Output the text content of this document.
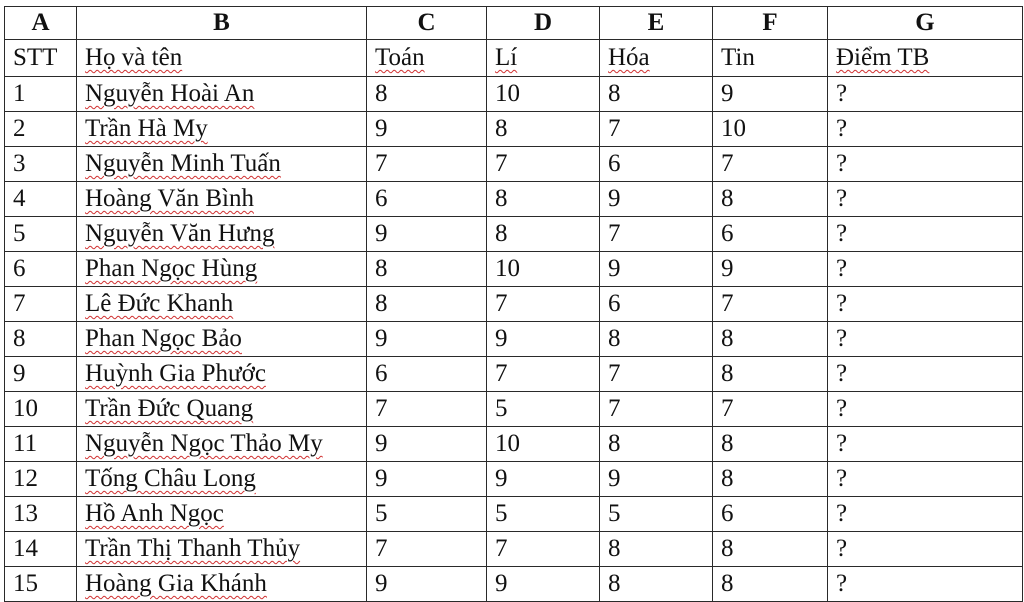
A	B	C	D	E	F	G
STT	Họ và tên	Toán	Lí	Hóa	Tin	Điểm TB
1	Nguyễn Hoài An	8	10	8	9	?
2	Trần Hà My	9	8	7	10	?
3	Nguyễn Minh Tuấn	7	7	6	7	?
4	Hoàng Văn Bình	6	8	9	8	?
5	Nguyễn Văn Hưng	9	8	7	6	?
6	Phan Ngọc Hùng	8	10	9	9	?
7	Lê Đức Khanh	8	7	6	7	?
8	Phan Ngọc Bảo	9	9	8	8	?
9	Huỳnh Gia Phước	6	7	7	8	?
10	Trần Đức Quang	7	5	7	7	?
11	Nguyễn Ngọc Thảo My	9	10	8	8	?
12	Tống Châu Long	9	9	9	8	?
13	Hồ Anh Ngọc	5	5	5	6	?
14	Trần Thị Thanh Thủy	7	7	8	8	?
15	Hoàng Gia Khánh	9	9	8	8	?
